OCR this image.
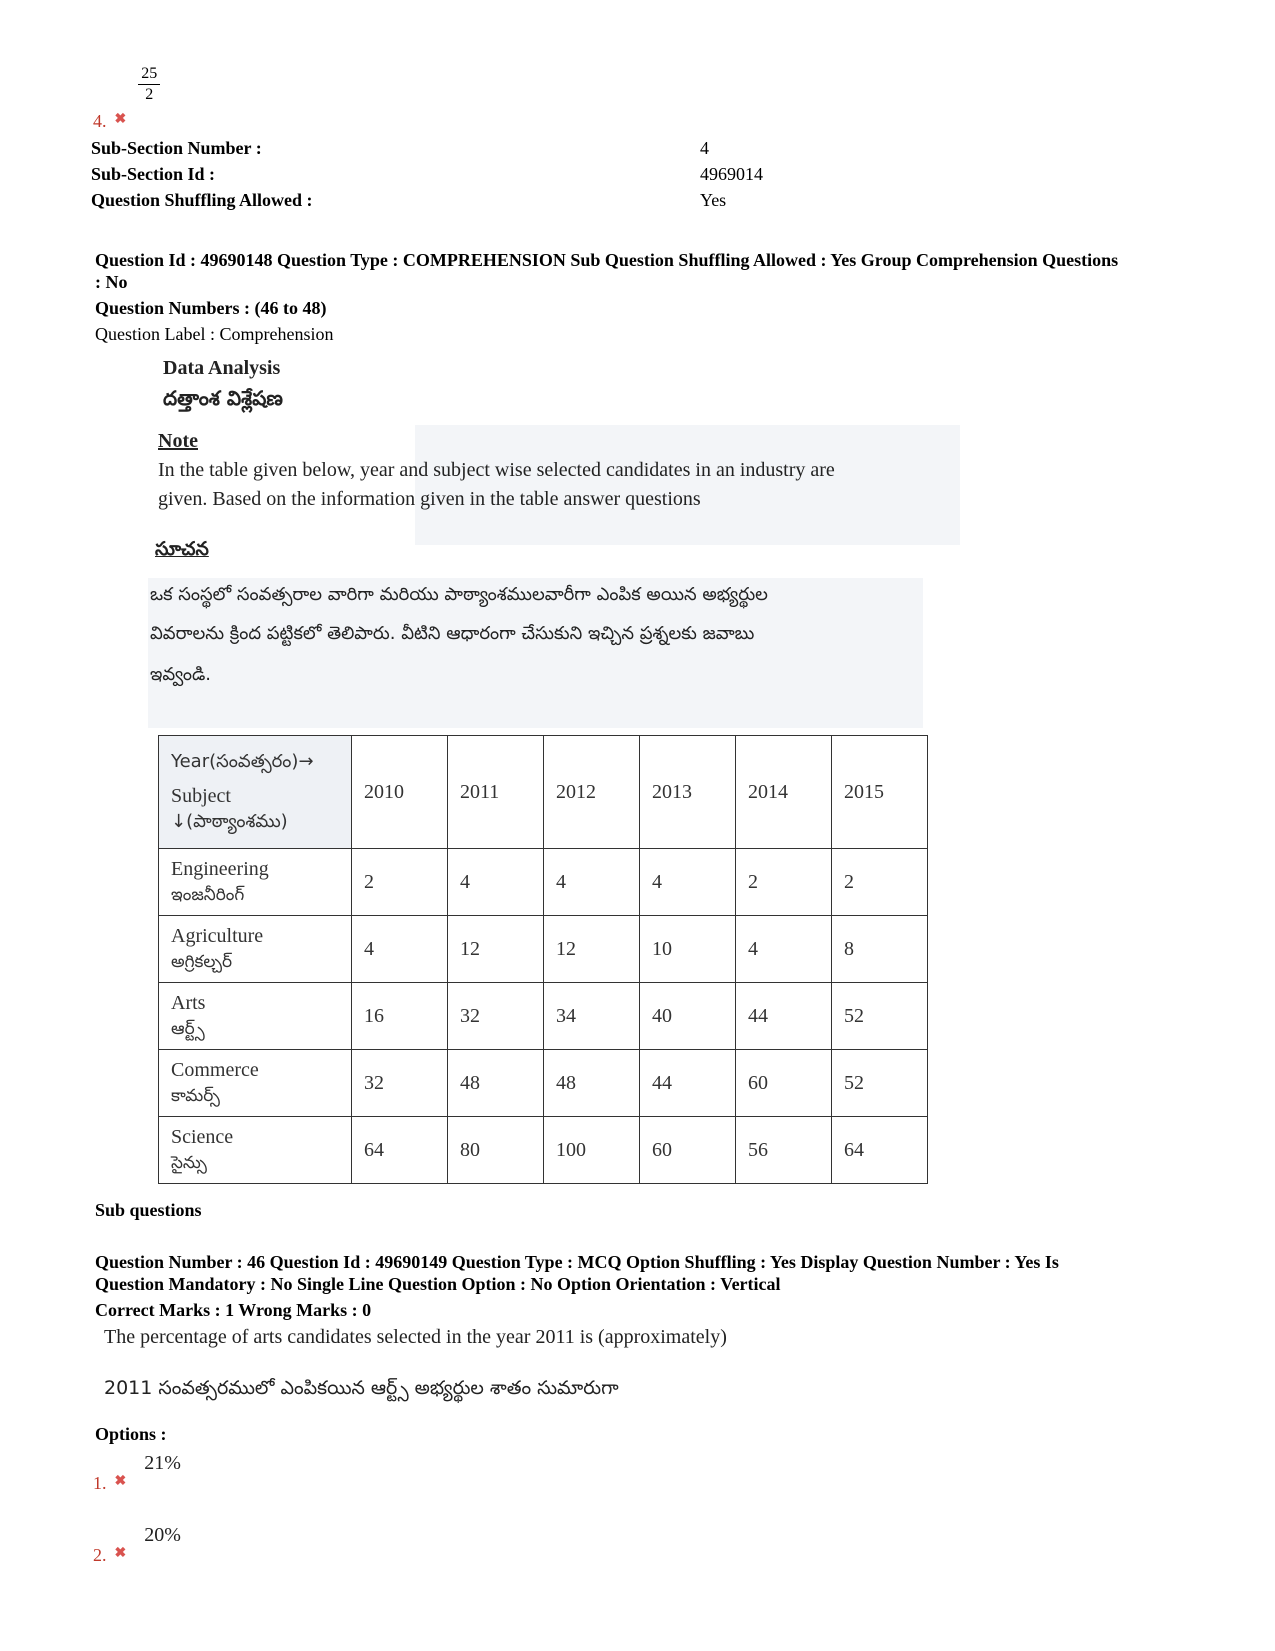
4. ✖
$\frac{25}{2}$
Sub-Section Number :	4
Sub-Section Id :	4969014
Question Shuffling Allowed :	Yes
Question Id : 49690148 Question Type : COMPREHENSION Sub Question Shuffling Allowed : Yes Group Comprehension Questions
: No
Question Numbers : (46 to 48)
Question Label : Comprehension
Data Analysis
దత్తాంశ విశ్లేషణ
Note
In the table given below, year and subject wise selected candidates in an industry are
given. Based on the information given in the table answer questions
సూచన
ఒక సంస్థలో సంవత్సరాల వారిగా మరియు పాఠ్యాంశములవారీగా ఎంపిక అయిన అభ్యర్థుల
వివరాలను క్రింద పట్టికలో తెలిపారు. వీటిని ఆధారంగా చేసుకుని ఇచ్చిన ప్రశ్నలకు జవాబు
ఇవ్వండి.
Year(సంవత్సరం)→
Subject
↓(పాఠ్యాంశము)	2010	2011	2012	2013	2014	2015

Engineering
ఇంజనీరింగ్	2	4	4	4	2	2

Agriculture
అగ్రికల్చర్	4	12	12	10	4	8

Arts
ఆర్ట్స్	16	32	34	40	44	52

Commerce
కామర్స్	32	48	48	44	60	52

Science
సైన్సు	64	80	100	60	56	64
Sub questions
Question Number : 46 Question Id : 49690149 Question Type : MCQ Option Shuffling : Yes Display Question Number : Yes Is
Question Mandatory : No Single Line Question Option : No Option Orientation : Vertical
Correct Marks : 1 Wrong Marks : 0
The percentage of arts candidates selected in the year 2011 is (approximately)
2011 సంవత్సరములో ఎంపికయిన ఆర్ట్స్ అభ్యర్థుల శాతం సుమారుగా
Options :
1. ✖ 21%
2. ✖ 20%
